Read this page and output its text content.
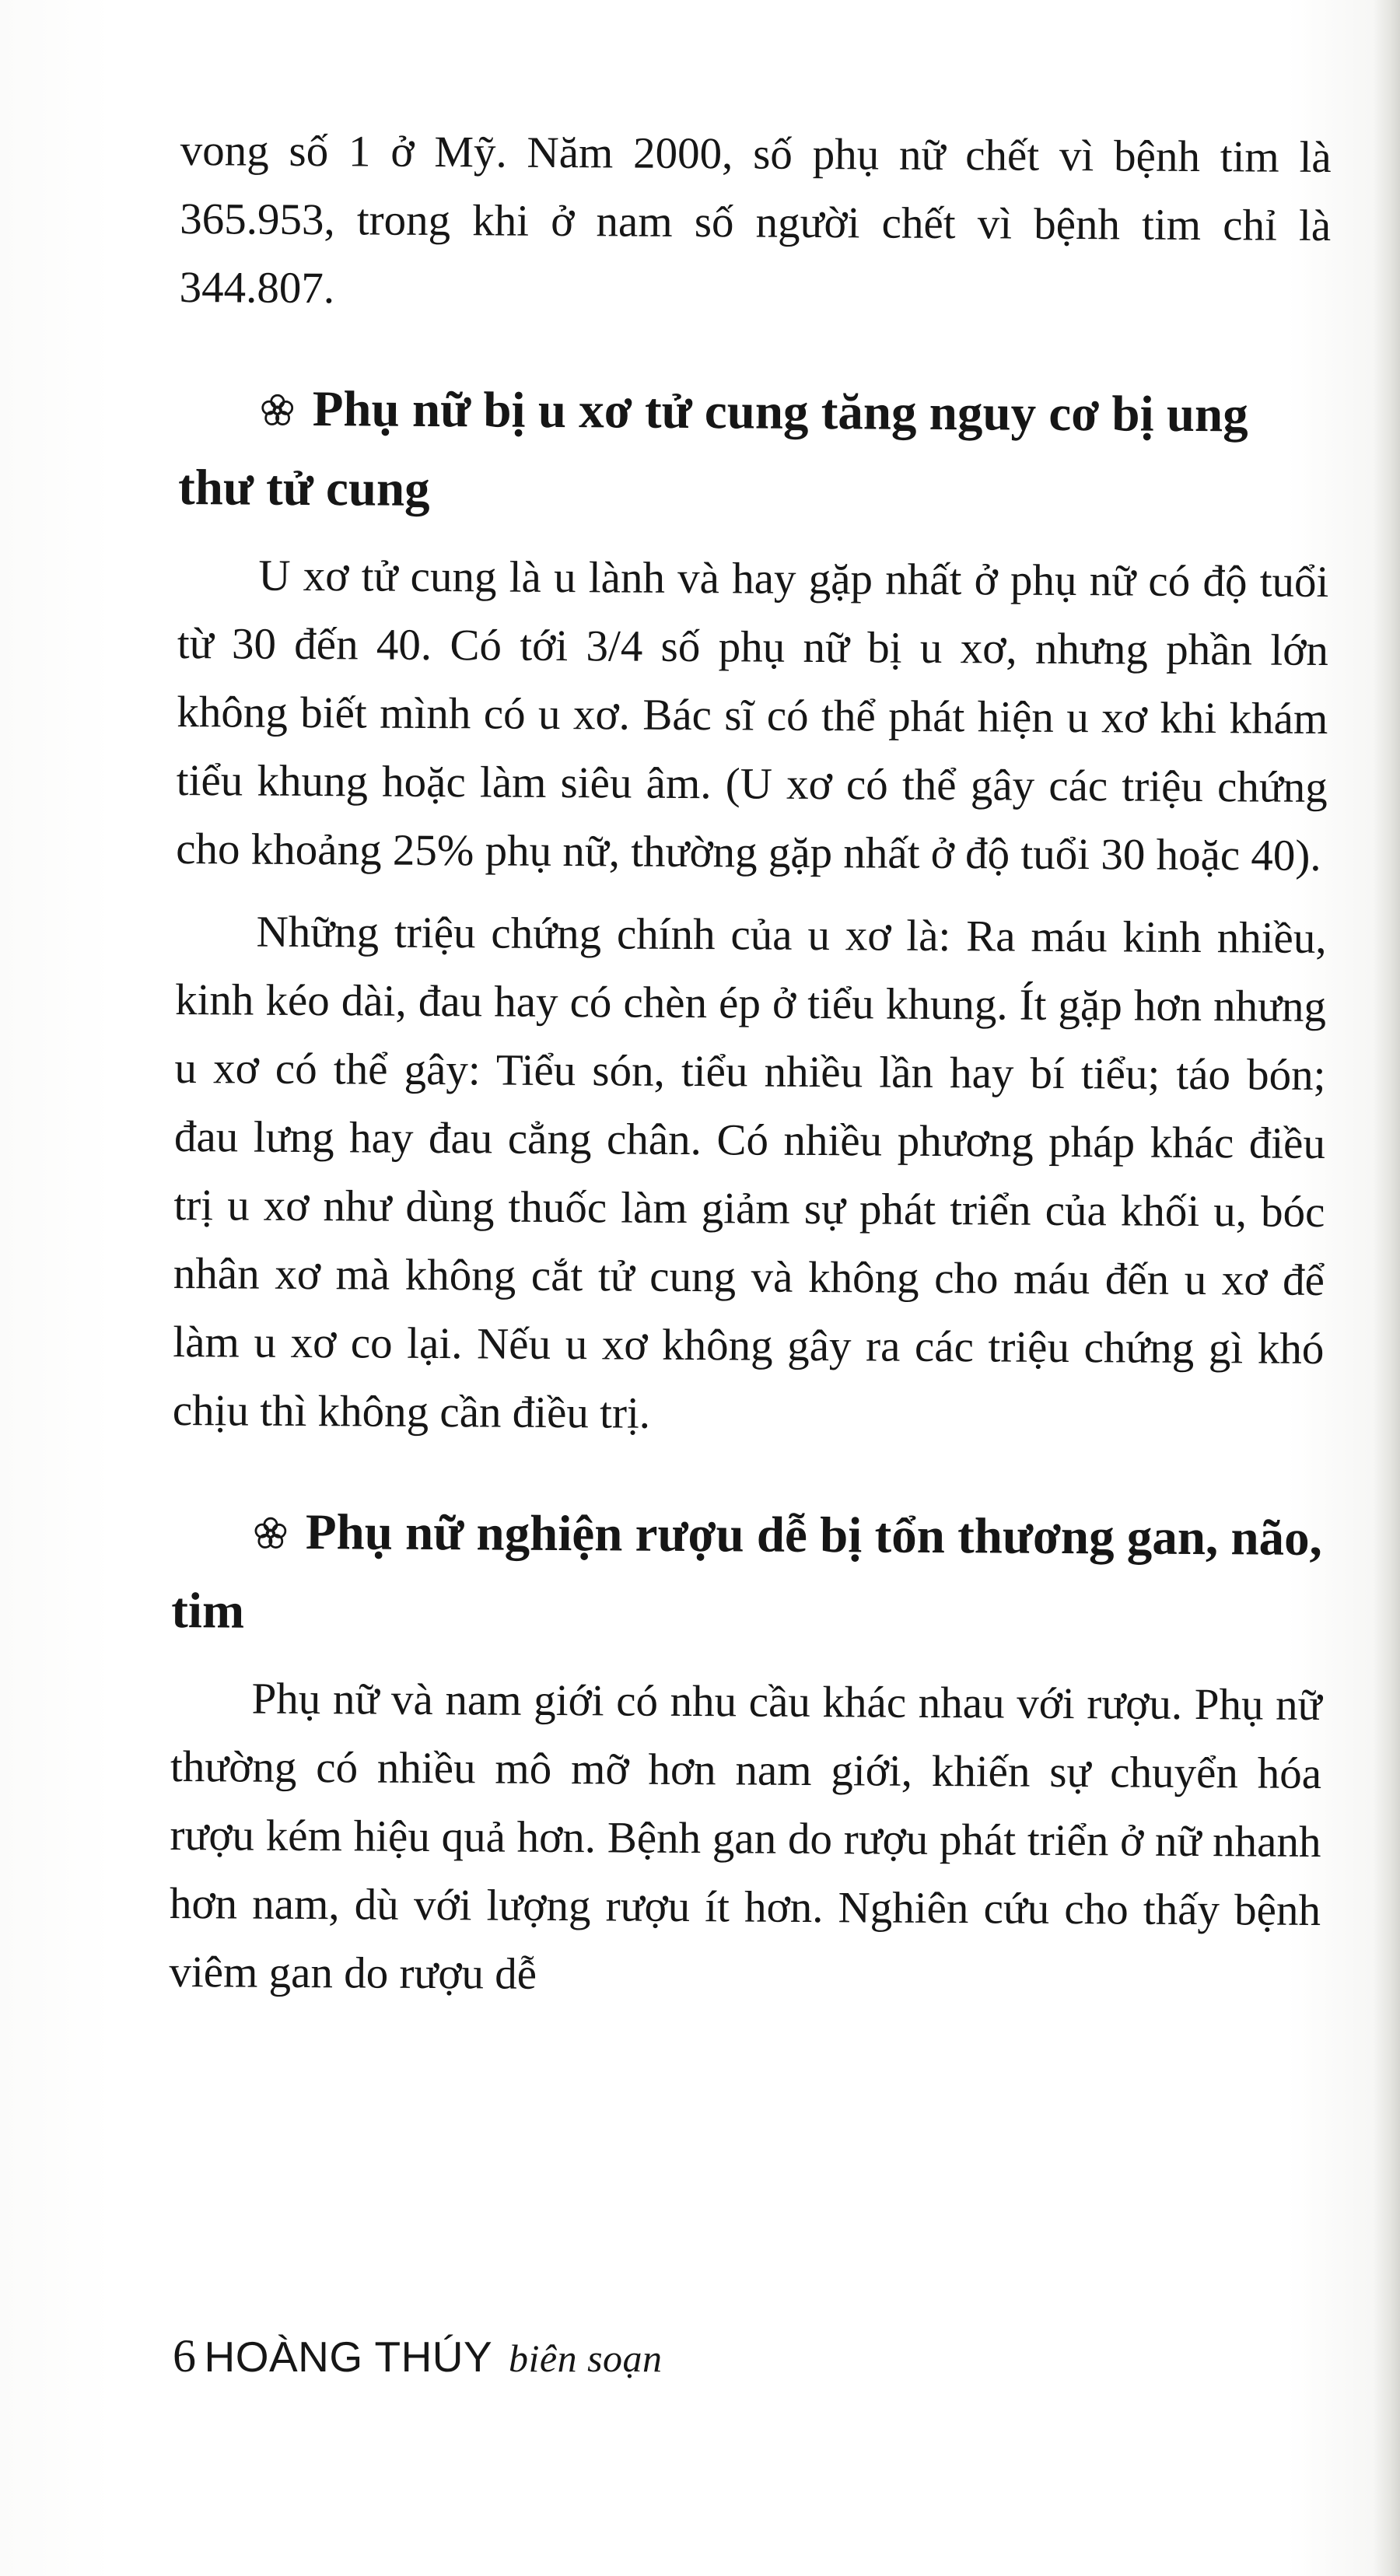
vong số 1 ở Mỹ. Năm 2000, số phụ nữ chết vì bệnh tim là 365.953, trong khi ở nam số người chết vì bệnh tim chỉ là 344.807.

Phụ nữ bị u xơ tử cung tăng nguy cơ bị ung thư tử cung

U xơ tử cung là u lành và hay gặp nhất ở phụ nữ có độ tuổi từ 30 đến 40. Có tới 3/4 số phụ nữ bị u xơ, nhưng phần lớn không biết mình có u xơ. Bác sĩ có thể phát hiện u xơ khi khám tiểu khung hoặc làm siêu âm. (U xơ có thể gây các triệu chứng cho khoảng 25% phụ nữ, thường gặp nhất ở độ tuổi 30 hoặc 40).

Những triệu chứng chính của u xơ là: Ra máu kinh nhiều, kinh kéo dài, đau hay có chèn ép ở tiểu khung. Ít gặp hơn nhưng u xơ có thể gây: Tiểu són, tiểu nhiều lần hay bí tiểu; táo bón; đau lưng hay đau cẳng chân. Có nhiều phương pháp khác điều trị u xơ như dùng thuốc làm giảm sự phát triển của khối u, bóc nhân xơ mà không cắt tử cung và không cho máu đến u xơ để làm u xơ co lại. Nếu u xơ không gây ra các triệu chứng gì khó chịu thì không cần điều trị.

Phụ nữ nghiện rượu dễ bị tổn thương gan, não, tim

Phụ nữ và nam giới có nhu cầu khác nhau với rượu. Phụ nữ thường có nhiều mô mỡ hơn nam giới, khiến sự chuyển hóa rượu kém hiệu quả hơn. Bệnh gan do rượu phát triển ở nữ nhanh hơn nam, dù với lượng rượu ít hơn. Nghiên cứu cho thấy bệnh viêm gan do rượu dễ

6 HOÀNG THÚY biên soạn
